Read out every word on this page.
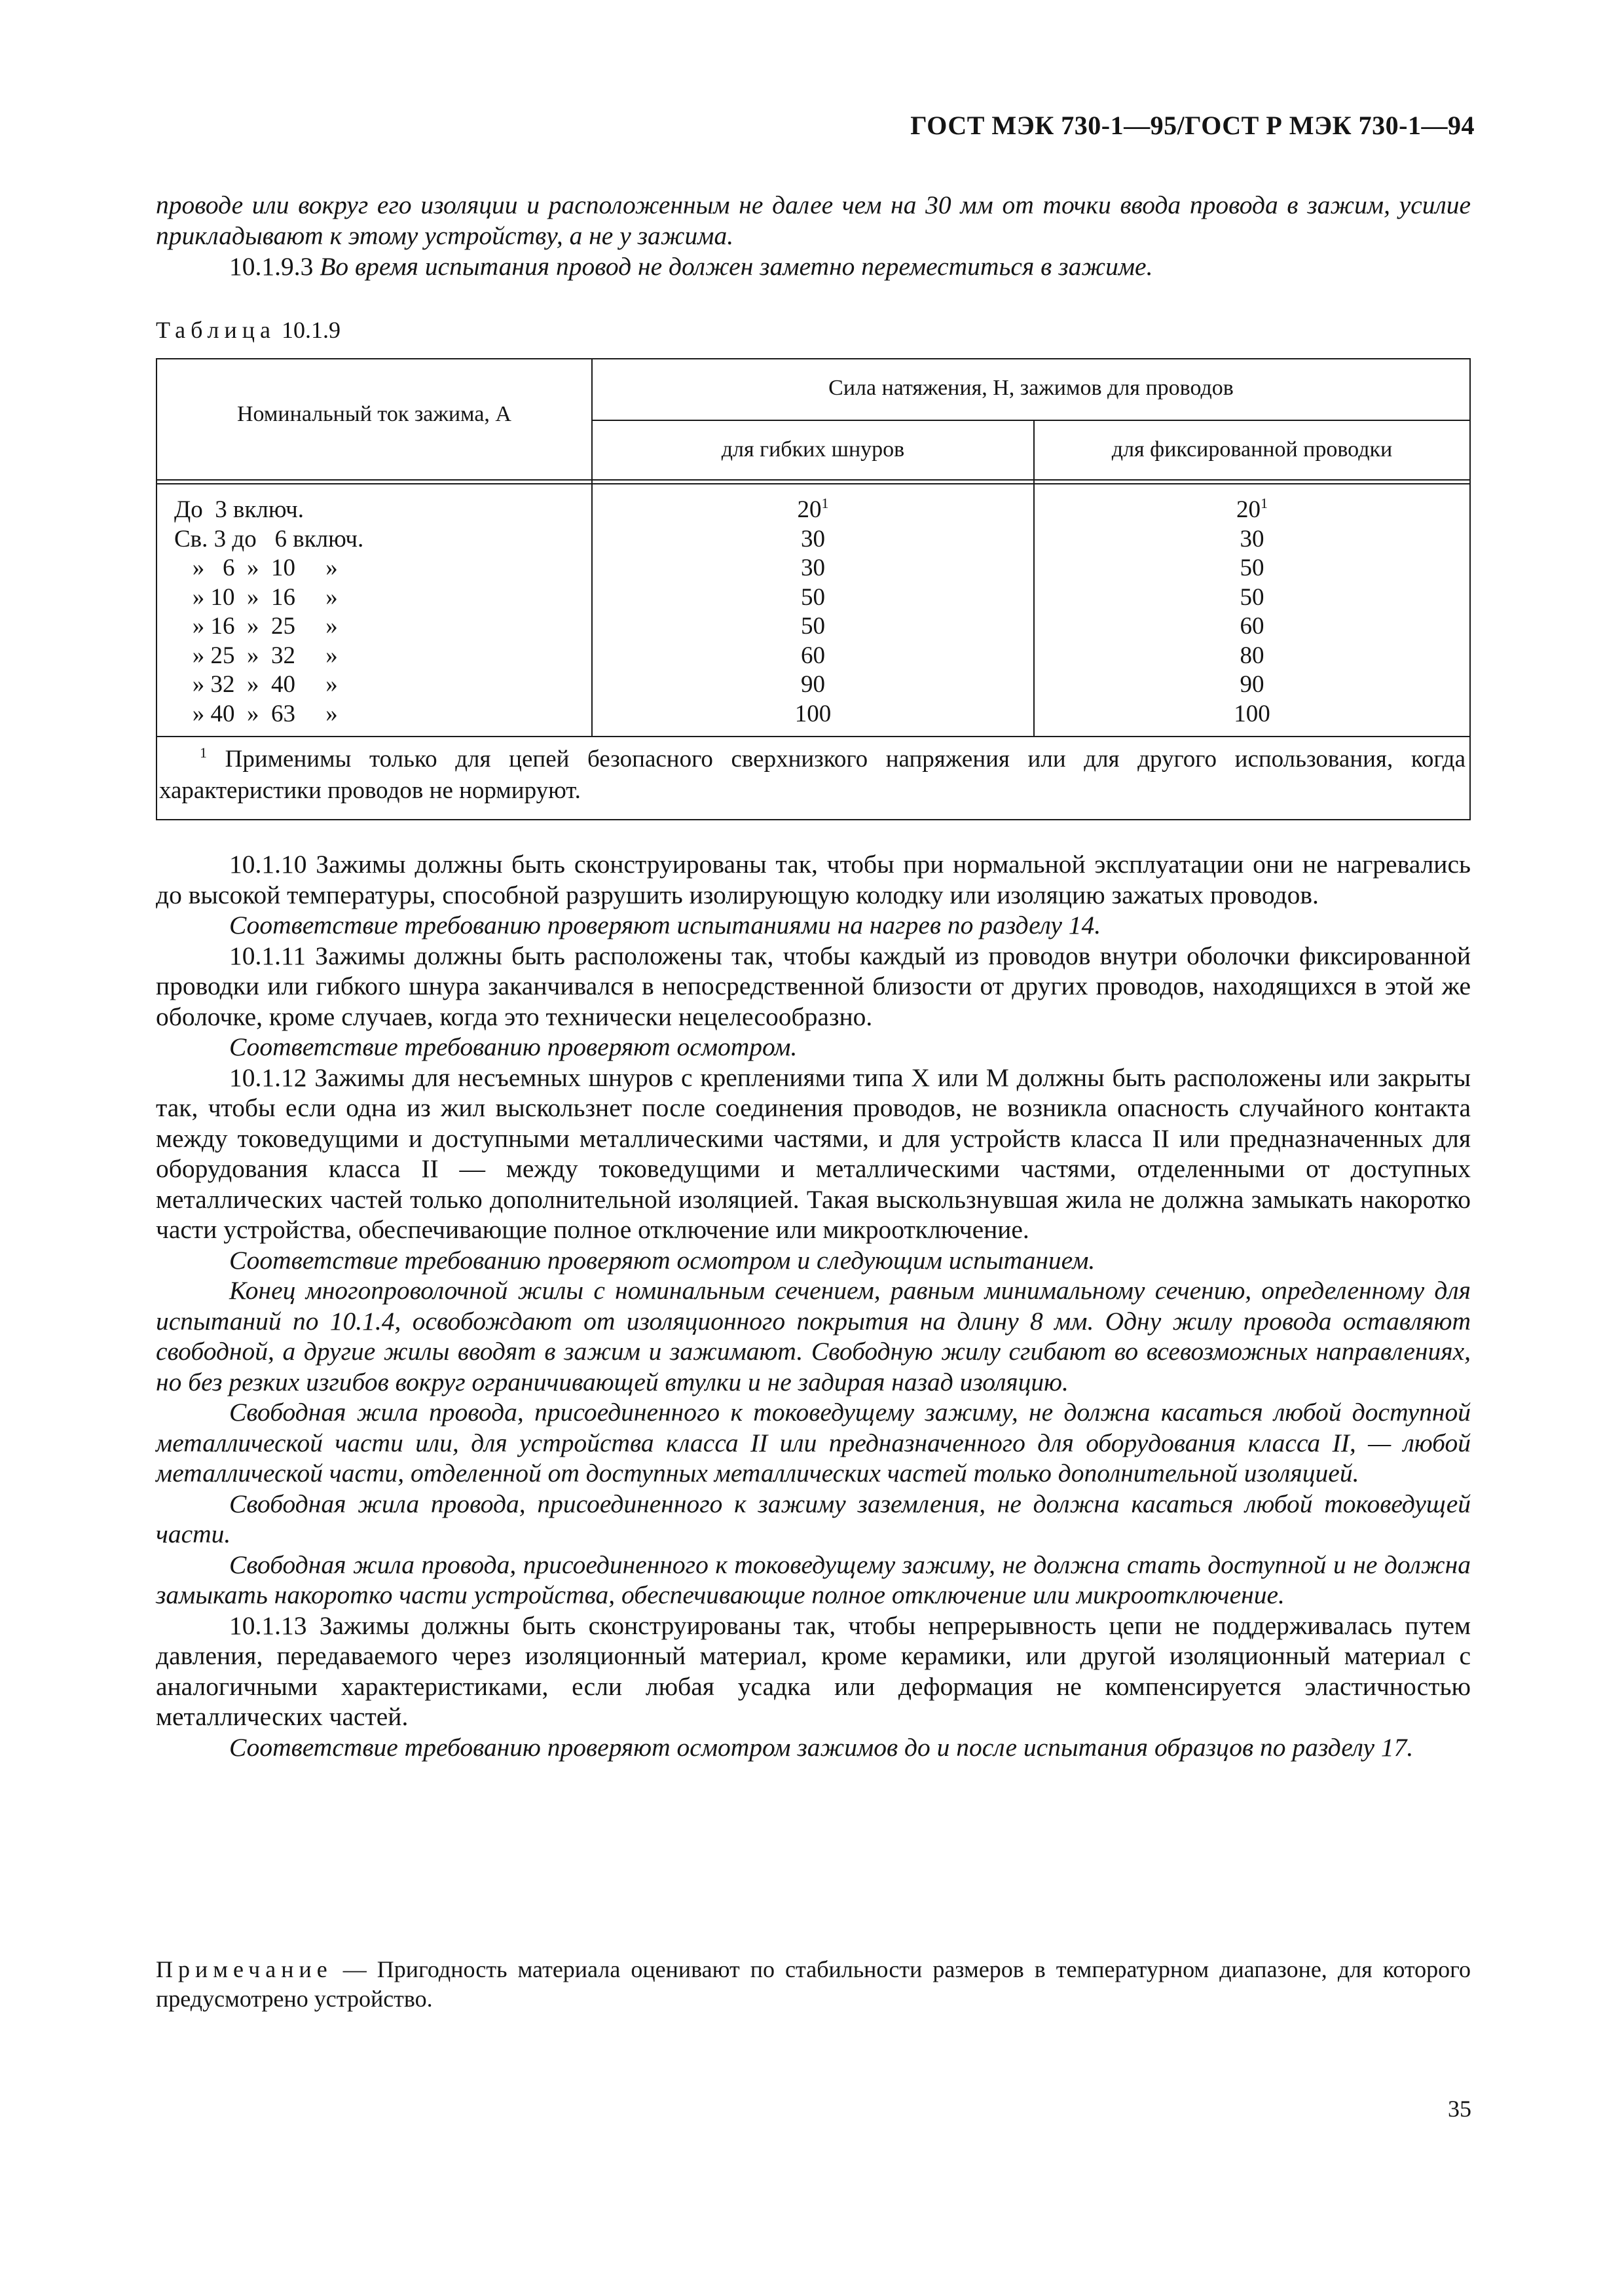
ГОСТ МЭК 730-1—95/ГОСТ Р МЭК 730-1—94
проводе или вокруг его изоляции и расположенным не далее чем на 30 мм от точки ввода провода в зажим, усилие прикладывают к этому устройству, а не у зажима.
10.1.9.3 Во время испытания провод не должен заметно переместиться в зажиме.
Таблица 10.1.9
Номинальный ток зажима, А
Сила натяжения, Н, зажимов для проводов
для гибких шнуров	для фиксированной проводки
До  3 включ.
Св. 3 до   6 включ.
»   6  »  10     »
» 10  »  16     »
» 16  »  25     »
» 25  »  32     »
» 32  »  40     »
» 40  »  63     »
$20^1$
30
30
50
50
60
90
100
$20^1$
30
50
50
60
80
90
100
$^1$ Применимы только для цепей безопасного сверхнизкого напряжения или для другого использования, когда характеристики проводов не нормируют.

10.1.10 Зажимы должны быть сконструированы так, чтобы при нормальной эксплуатации они не нагревались до высокой температуры, способной разрушить изолирующую колодку или изоляцию зажатых проводов.

Соответствие требованию проверяют испытаниями на нагрев по разделу 14.

10.1.11 Зажимы должны быть расположены так, чтобы каждый из проводов внутри оболочки фиксированной проводки или гибкого шнура заканчивался в непосредственной близости от других проводов, находящихся в этой же оболочке, кроме случаев, когда это технически нецелесообразно.

Соответствие требованию проверяют осмотром.

10.1.12 Зажимы для несъемных шнуров с креплениями типа X или M должны быть расположены или закрыты так, чтобы если одна из жил выскользнет после соединения проводов, не возникла опасность случайного контакта между токоведущими и доступными металлическими частями, и для устройств класса II или предназначенных для оборудования класса II — между токоведущими и металлическими частями, отделенными от доступных металлических частей только дополнительной изоляцией. Такая выскользнувшая жила не должна замыкать накоротко части устройства, обеспечивающие полное отключение или микроотключение.

Соответствие требованию проверяют осмотром и следующим испытанием.

Конец многопроволочной жилы с номинальным сечением, равным минимальному сечению, определенному для испытаний по 10.1.4, освобождают от изоляционного покрытия на длину 8 мм. Одну жилу провода оставляют свободной, а другие жилы вводят в зажим и зажимают. Свободную жилу сгибают во всевозможных направлениях, но без резких изгибов вокруг ограничивающей втулки и не задирая назад изоляцию.

Свободная жила провода, присоединенного к токоведущему зажиму, не должна касаться любой доступной металлической части или, для устройства класса II или предназначенного для оборудования класса II, — любой металлической части, отделенной от доступных металлических частей только дополнительной изоляцией.

Свободная жила провода, присоединенного к зажиму заземления, не должна касаться любой токоведущей части.

Свободная жила провода, присоединенного к токоведущему зажиму, не должна стать доступной и не должна замыкать накоротко части устройства, обеспечивающие полное отключение или микроотключение.

10.1.13 Зажимы должны быть сконструированы так, чтобы непрерывность цепи не поддерживалась путем давления, передаваемого через изоляционный материал, кроме керамики, или другой изоляционный материал с аналогичными характеристиками, если любая усадка или деформация не компенсируется эластичностью металлических частей.

Соответствие требованию проверяют осмотром зажимов до и после испытания образцов по разделу 17.

Примечание — Пригодность материала оценивают по стабильности размеров в температурном диапазоне, для которого предусмотрено устройство.
35
